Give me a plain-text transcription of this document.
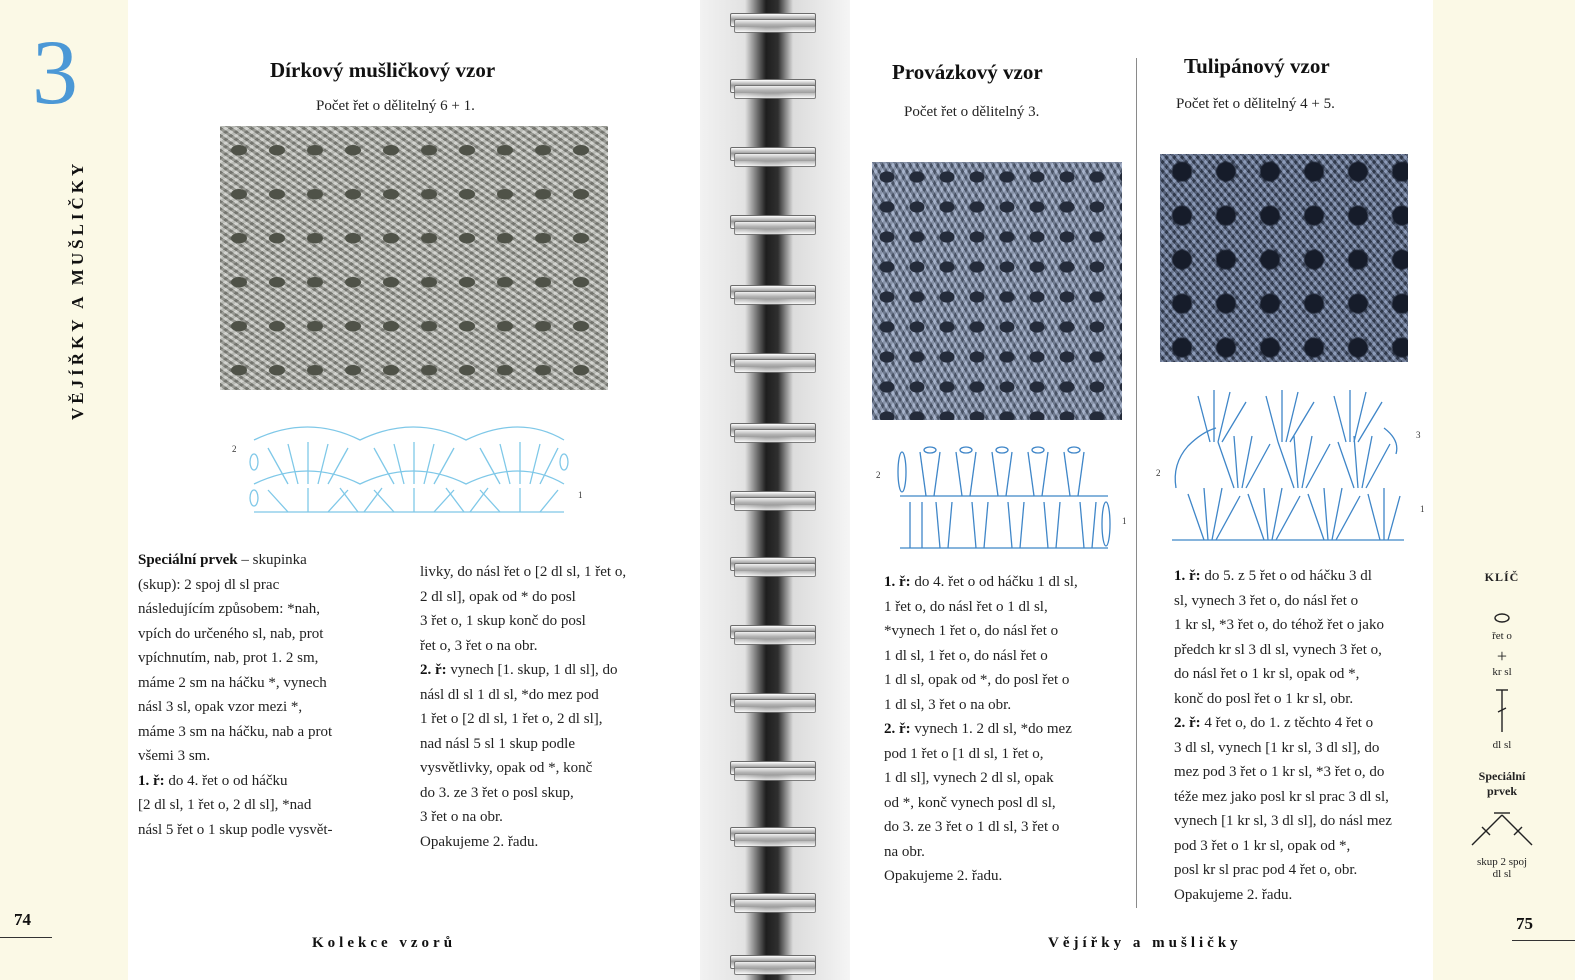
3
VĚJÍŘKY A MUŠLIČKY
74
Kolekce vzorů
Dírkový mušličkový vzor
Počet řet o dělitelný 6 + 1.
2
1
Speciální prvek – skupinka
(skup): 2 spoj dl sl prac
následujícím způsobem: *nah,
vpích do určeného sl, nab, prot
vpíchnutím, nab, prot 1. 2 sm,
máme 2 sm na háčku *, vynech
násl 3 sl, opak vzor mezi *,
máme 3 sm na háčku, nab a prot
všemi 3 sm.
1. ř: do 4. řet o od háčku
[2 dl sl, 1 řet o, 2 dl sl], *nad
násl 5 řet o 1 skup podle vysvět-
livky, do násl řet o [2 dl sl, 1 řet o,
2 dl sl], opak od * do posl
3 řet o, 1 skup konč do posl
řet o, 3 řet o na obr.
2. ř: vynech [1. skup, 1 dl sl], do
násl dl sl 1 dl sl, *do mez pod
1 řet o [2 dl sl, 1 řet o, 2 dl sl],
nad násl 5 sl 1 skup podle
vysvětlivky, opak od *, konč
do 3. ze 3 řet o posl skup,
3 řet o na obr.
Opakujeme 2. řadu.
75
Vějířky a mušličky
Provázkový vzor
Počet řet o dělitelný 3.
2
1
1. ř: do 4. řet o od háčku 1 dl sl,
1 řet o, do násl řet o 1 dl sl,
*vynech 1 řet o, do násl řet o
1 dl sl, 1 řet o, do násl řet o
1 dl sl, opak od *, do posl řet o
1 dl sl, 3 řet o na obr.
2. ř: vynech 1. 2 dl sl, *do mez
pod 1 řet o [1 dl sl, 1 řet o,
1 dl sl], vynech 2 dl sl, opak
od *, konč vynech posl dl sl,
do 3. ze 3 řet o 1 dl sl, 3 řet o
na obr.
Opakujeme 2. řadu.
Tulipánový vzor
Počet řet o dělitelný 4 + 5.
3
2
1
1. ř: do 5. z 5 řet o od háčku 3 dl
sl, vynech 3 řet o, do násl řet o
1 kr sl, *3 řet o, do téhož řet o jako
předch kr sl 3 dl sl, vynech 3 řet o,
do násl řet o 1 kr sl, opak od *,
konč do posl řet o 1 kr sl, obr.
2. ř: 4 řet o, do 1. z těchto 4 řet o
3 dl sl, vynech [1 kr sl, 3 dl sl], do
mez pod 3 řet o 1 kr sl, *3 řet o, do
téže mez jako posl kr sl prac 3 dl sl,
vynech [1 kr sl, 3 dl sl], do násl mez
pod 3 řet o 1 kr sl, opak od *,
posl kr sl prac pod 4 řet o, obr.
Opakujeme 2. řadu.
KLÍČ
řet o
+
kr sl
dl sl
Speciální
prvek
skup 2 spoj
dl sl
